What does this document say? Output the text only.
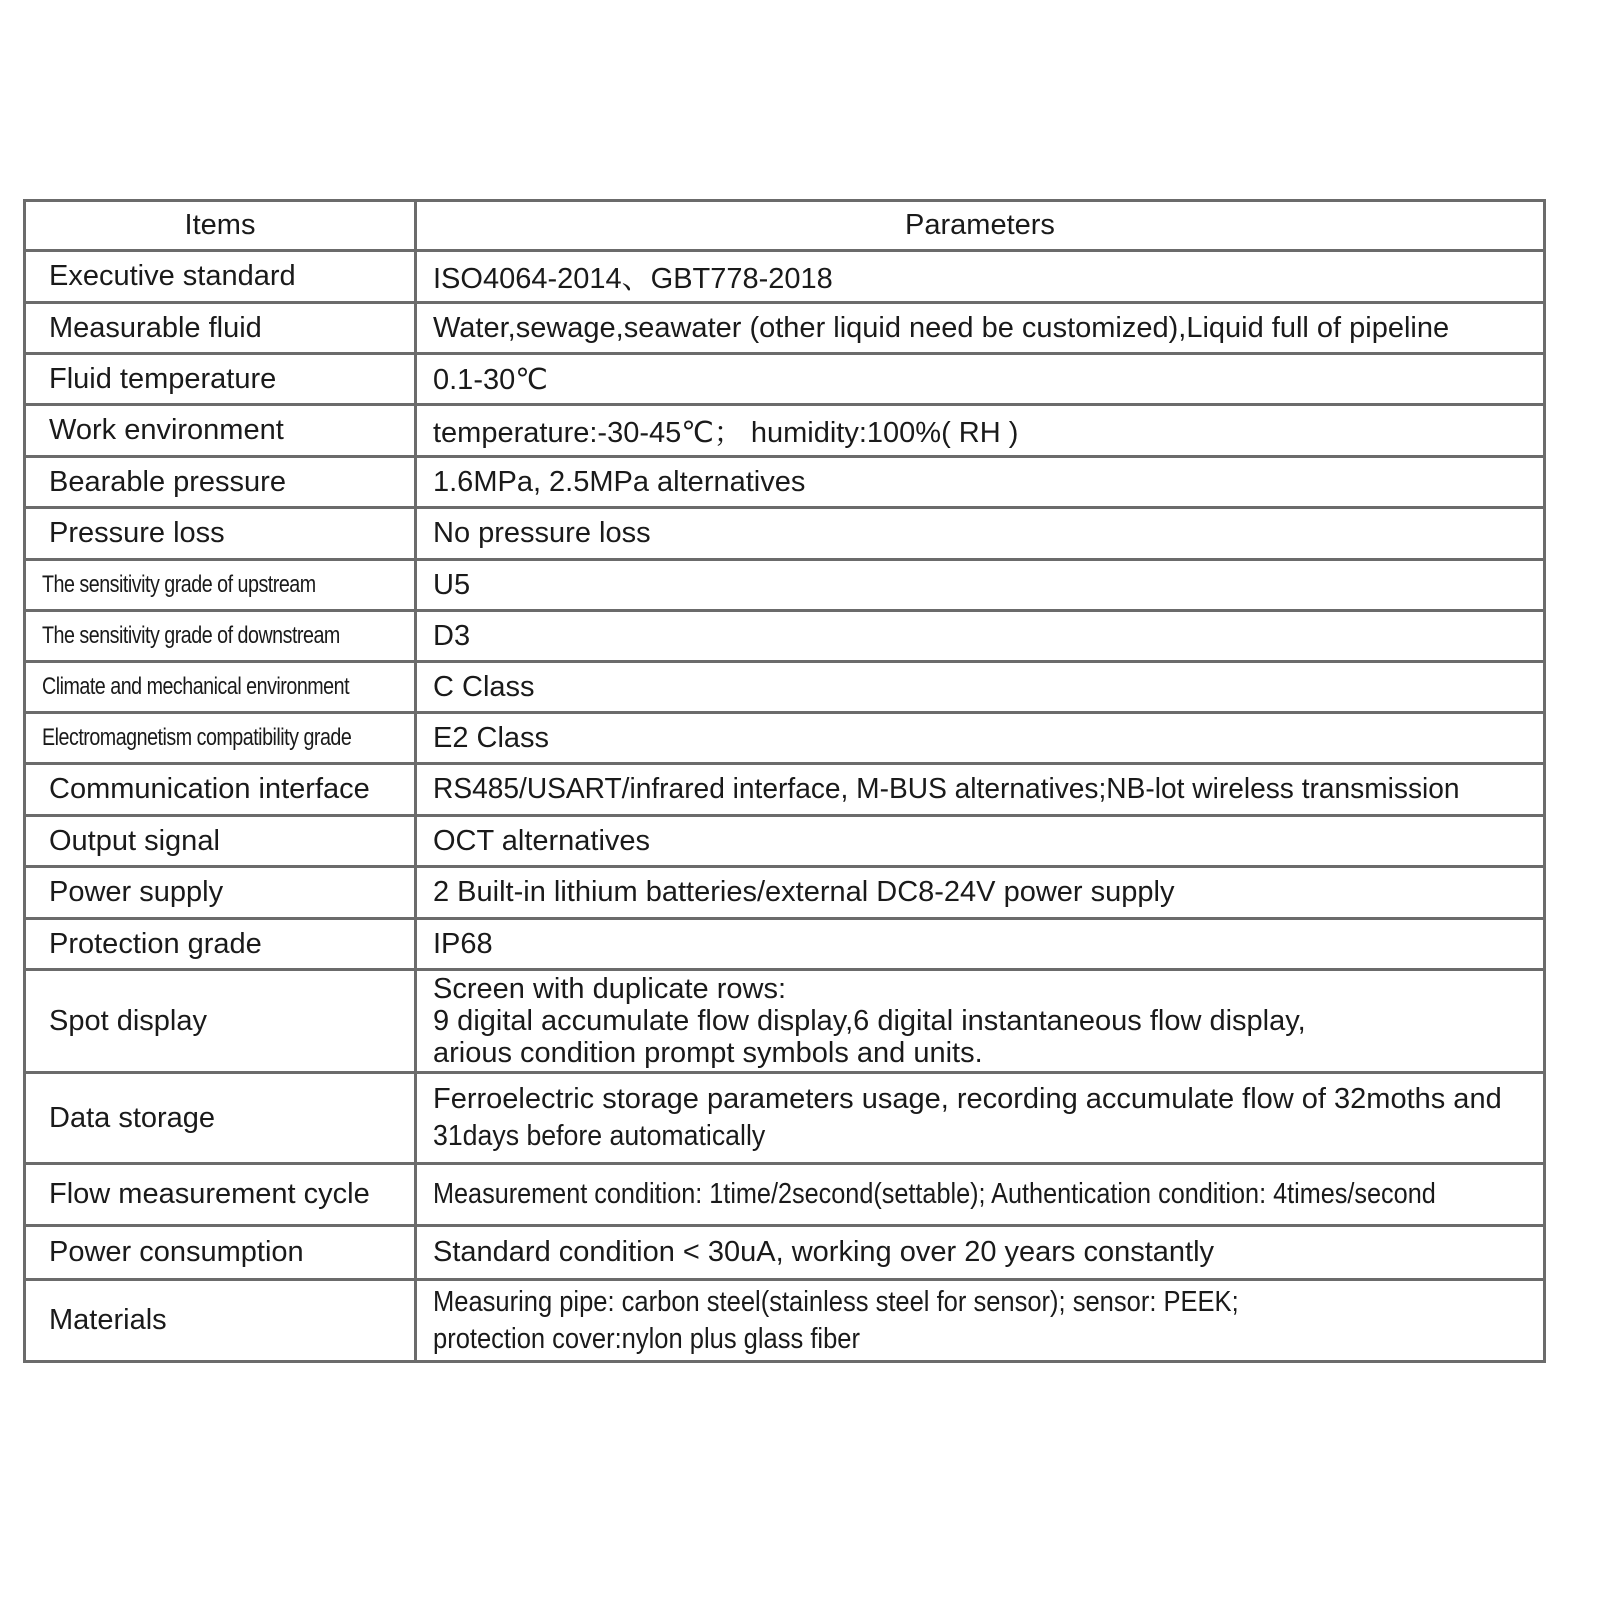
Items	Parameters
Executive standard	ISO4064-2014、GBT778-2018

Measurable fluid	Water,sewage,seawater (other liquid need be customized),Liquid full of pipeline

Fluid temperature	0.1-30℃

Work environment	temperature:-30-45℃； humidity:100%( RH )

Bearable pressure	1.6MPa, 2.5MPa alternatives

Pressure loss	No pressure loss

The sensitivity grade of upstream	U5

The sensitivity grade of downstream	D3

Climate and mechanical environment	C Class

Electromagnetism compatibility grade	E2 Class

Communication interface	RS485/USART/infrared interface, M-BUS alternatives;NB-lot wireless transmission
Output signal	OCT alternatives

Power supply	2 Built-in lithium batteries/external DC8-24V power supply

Protection grade	IP68

Spot display	Screen with duplicate rows:
9 digital accumulate flow display,6 digital instantaneous flow display,
arious condition prompt symbols and units.

Data storage	Ferroelectric storage parameters usage, recording accumulate flow of 32moths and
31days before automatically

Flow measurement cycle	Measurement condition: 1time/2second(settable); Authentication condition: 4times/second
Power consumption	Standard condition < 30uA, working over 20 years constantly

Materials	Measuring pipe: carbon steel(stainless steel for sensor); sensor: PEEK;
protection cover:nylon plus glass fiber
